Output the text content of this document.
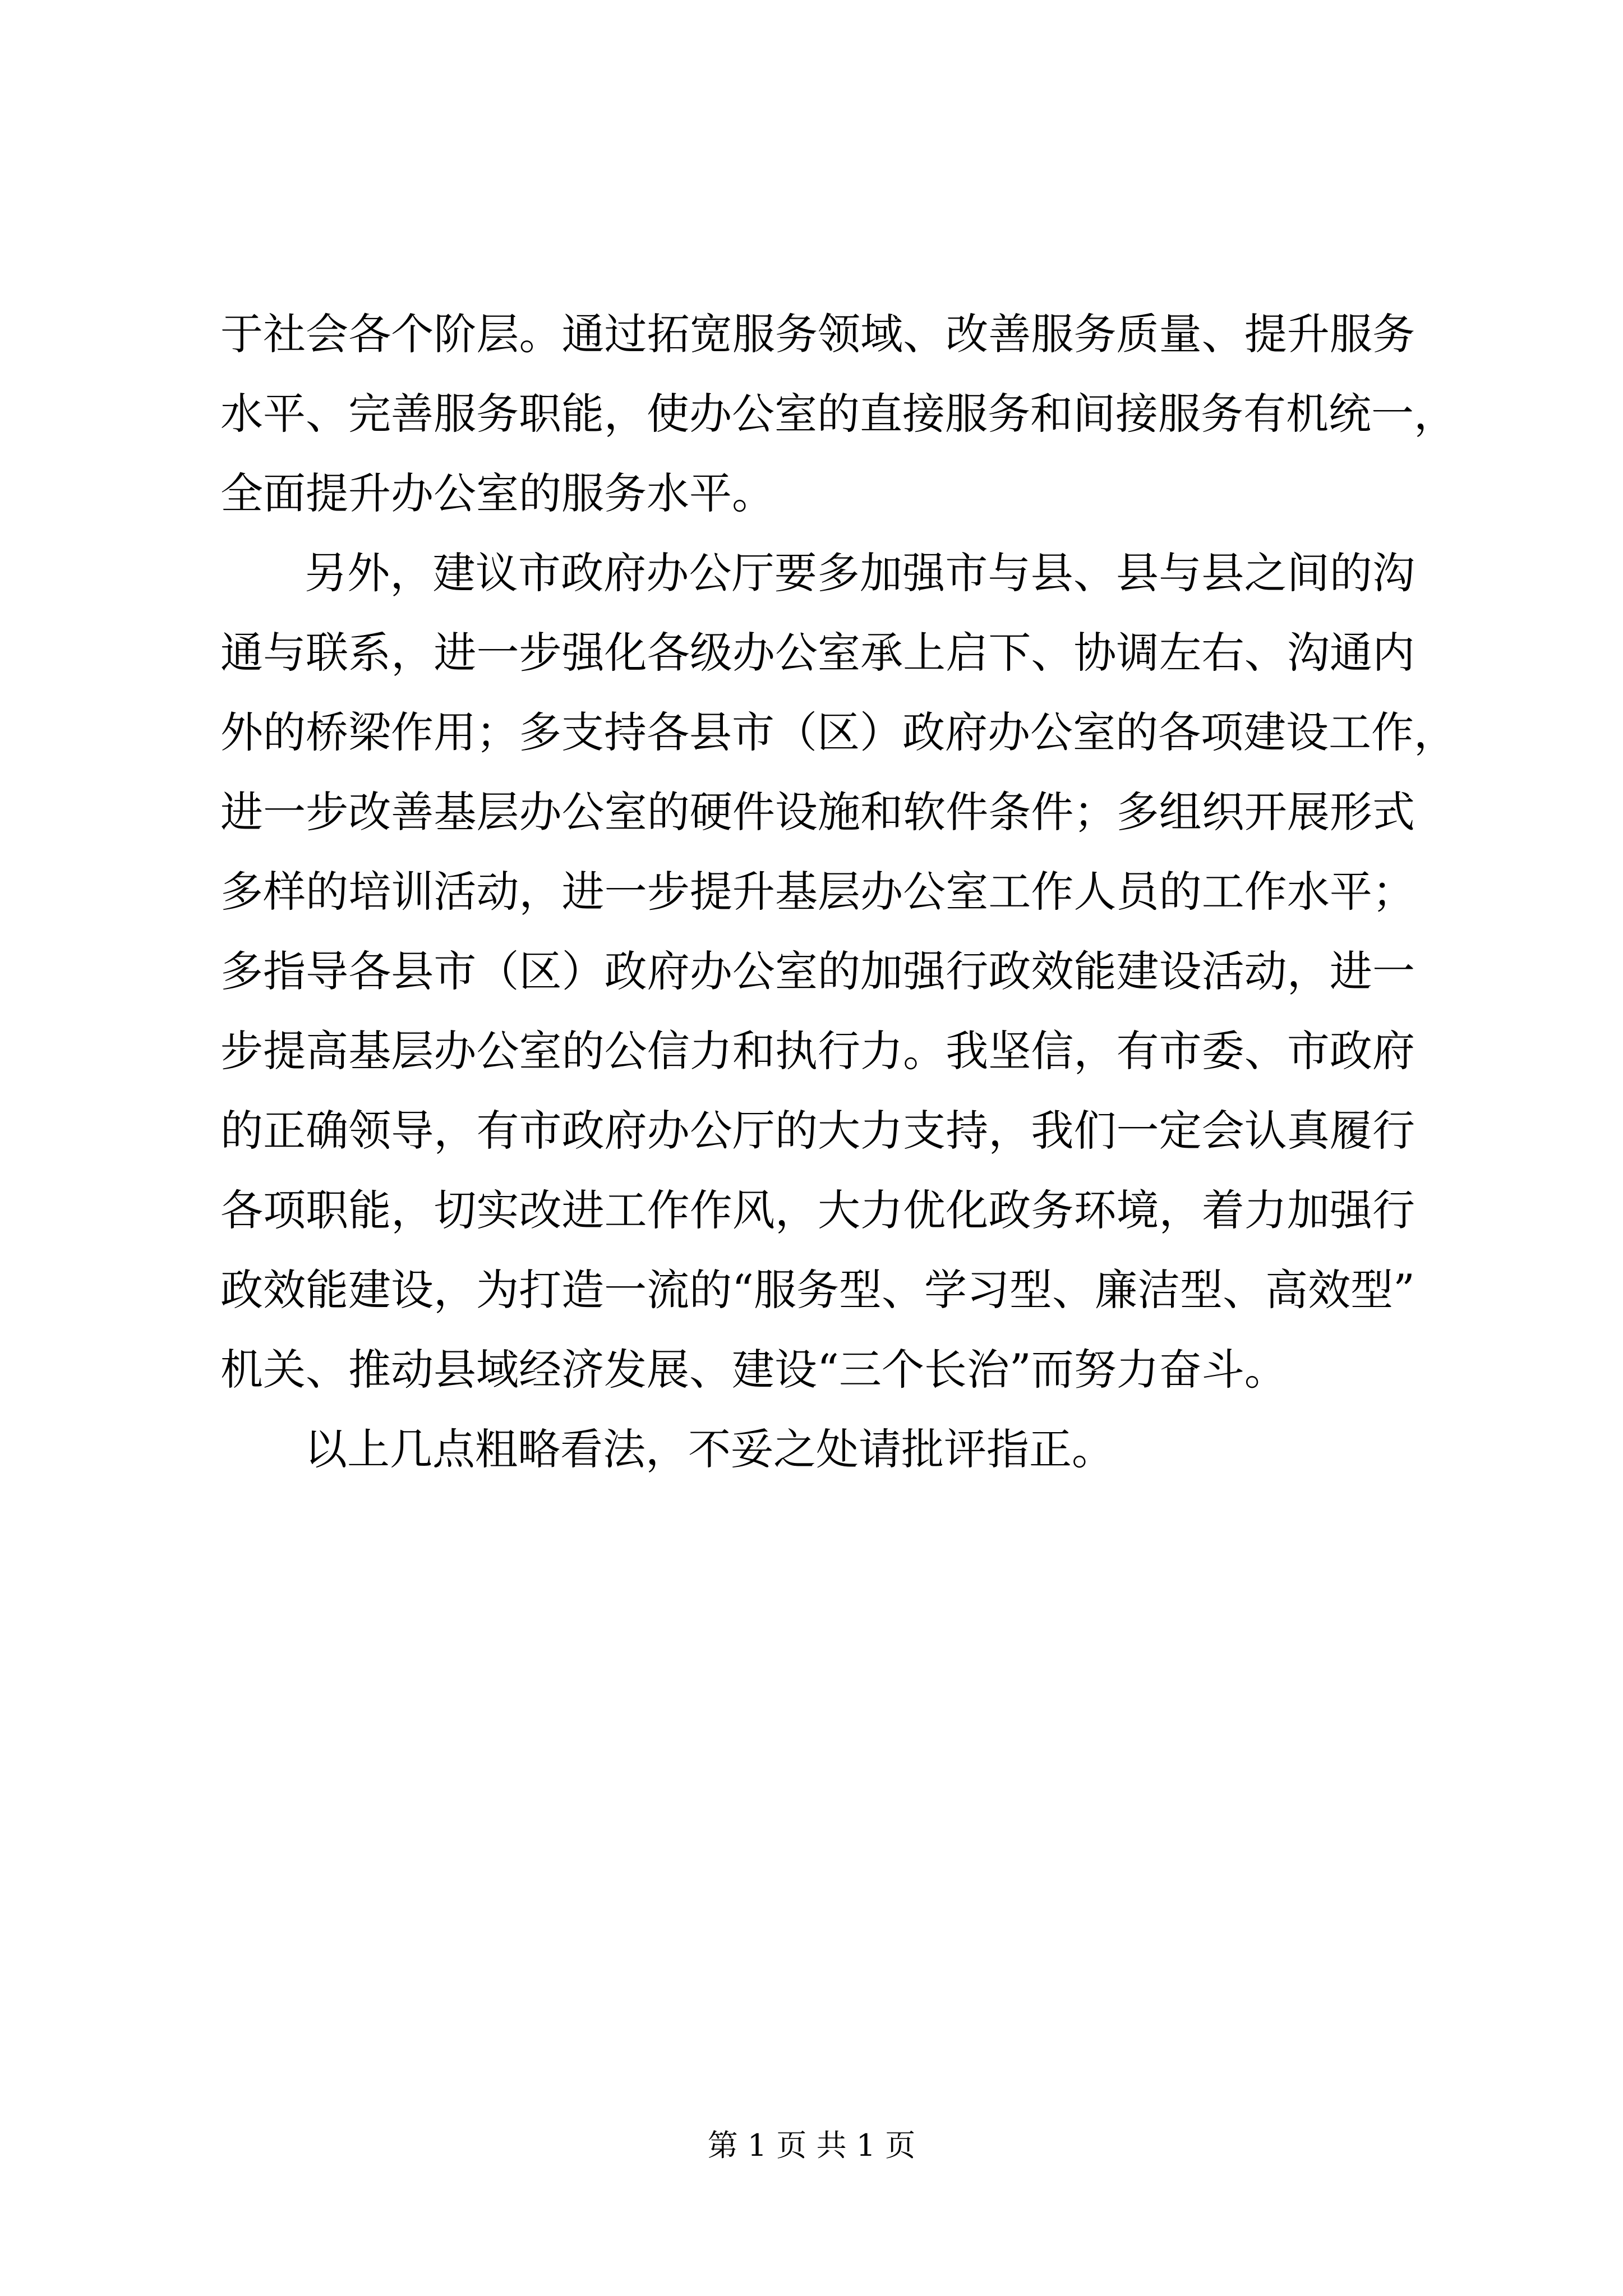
于社会各个阶层。通过拓宽服务领域、改善服务质量、提升服务
水平、完善服务职能，使办公室的直接服务和间接服务有机统一，
全面提升办公室的服务水平。
另外，建议市政府办公厅要多加强市与县、县与县之间的沟
通与联系，进一步强化各级办公室承上启下、协调左右、沟通内
外的桥梁作用；多支持各县市（区）政府办公室的各项建设工作，
进一步改善基层办公室的硬件设施和软件条件；多组织开展形式
多样的培训活动，进一步提升基层办公室工作人员的工作水平；
多指导各县市（区）政府办公室的加强行政效能建设活动，进一
步提高基层办公室的公信力和执行力。我坚信，有市委、市政府
的正确领导，有市政府办公厅的大力支持，我们一定会认真履行
各项职能，切实改进工作作风，大力优化政务环境，着力加强行
政效能建设，为打造一流的“服务型、学习型、廉洁型、高效型”
机关、推动县域经济发展、建设“三个长治”而努力奋斗。
以上几点粗略看法，不妥之处请批评指正。
第 1 页 共 1 页
